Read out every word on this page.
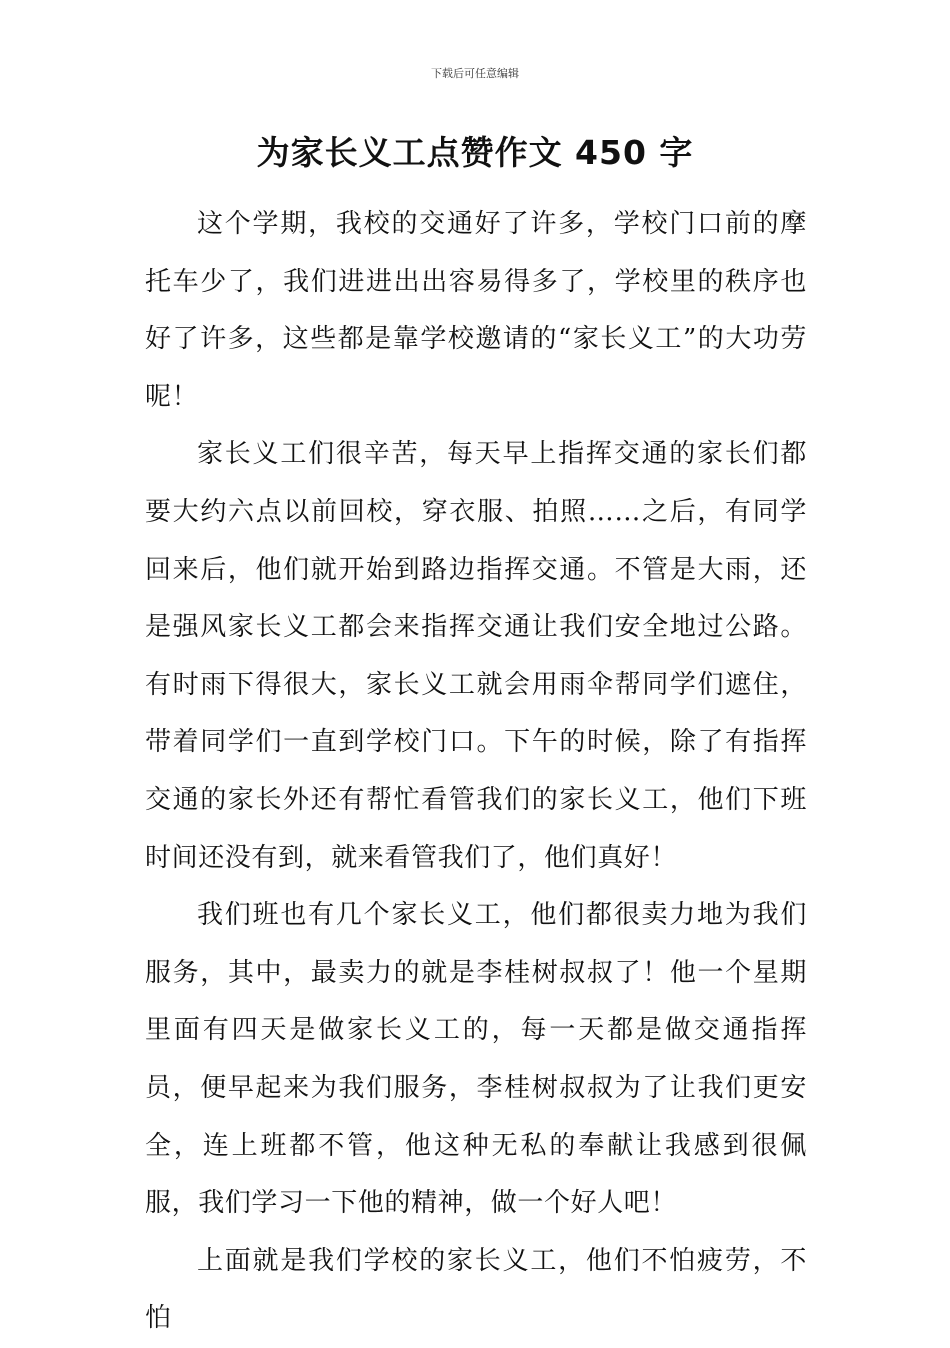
下载后可任意编辑
为家长义工点赞作文 450 字

这个学期，我校的交通好了许多，学校门口前的摩托车少了，我们进进出出容易得多了，学校里的秩序也好了许多，这些都是靠学校邀请的“家长义工”的大功劳呢！

家长义工们很辛苦，每天早上指挥交通的家长们都要大约六点以前回校，穿衣服、拍照……之后，有同学回来后，他们就开始到路边指挥交通。不管是大雨，还是强风家长义工都会来指挥交通让我们安全地过公路。有时雨下得很大，家长义工就会用雨伞帮同学们遮住，带着同学们一直到学校门口。下午的时候，除了有指挥交通的家长外还有帮忙看管我们的家长义工，他们下班时间还没有到，就来看管我们了，他们真好！

我们班也有几个家长义工，他们都很卖力地为我们服务，其中，最卖力的就是李桂树叔叔了！他一个星期里面有四天是做家长义工的，每一天都是做交通指挥员，便早起来为我们服务，李桂树叔叔为了让我们更安全，连上班都不管，他这种无私的奉献让我感到很佩服，我们学习一下他的精神，做一个好人吧！

上面就是我们学校的家长义工，他们不怕疲劳，不怕
